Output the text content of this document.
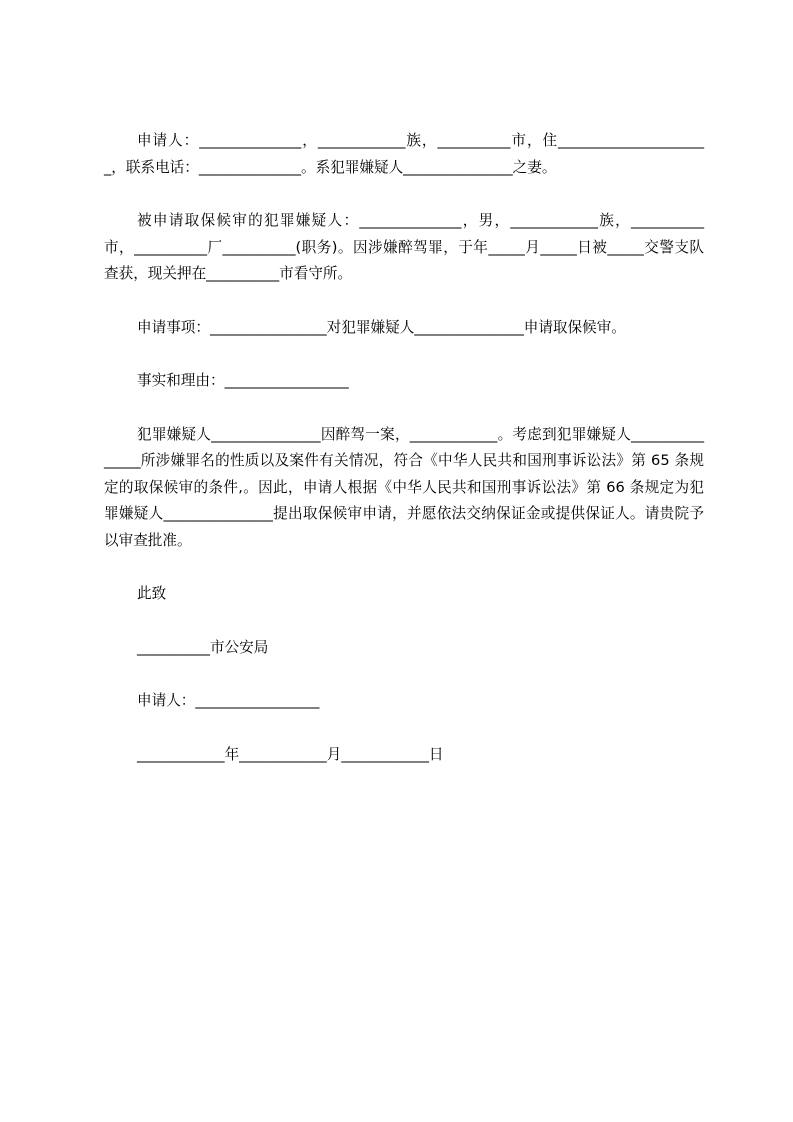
申请人：______________，____________族，__________市，住_____________________，联系电话：______________。系犯罪嫌疑人_______________之妻。

被申请取保候审的犯罪嫌疑人：______________，男，____________族，__________市，__________厂__________(职务)。因涉嫌醉驾罪，于年_____月_____日被_____交警支队查获，现关押在__________市看守所。

申请事项：________________对犯罪嫌疑人_______________申请取保候审。

事实和理由：_________________

犯罪嫌疑人_______________因醉驾一案，____________。考虑到犯罪嫌疑人_______________所涉嫌罪名的性质以及案件有关情况，符合《中华人民共和国刑事诉讼法》第 65 条规定的取保候审的条件,。因此，申请人根据《中华人民共和国刑事诉讼法》第 66 条规定为犯罪嫌疑人_______________提出取保候审申请，并愿依法交纳保证金或提供保证人。请贵院予以审查批准。

此致

__________市公安局

申请人：_________________

____________年____________月____________日
